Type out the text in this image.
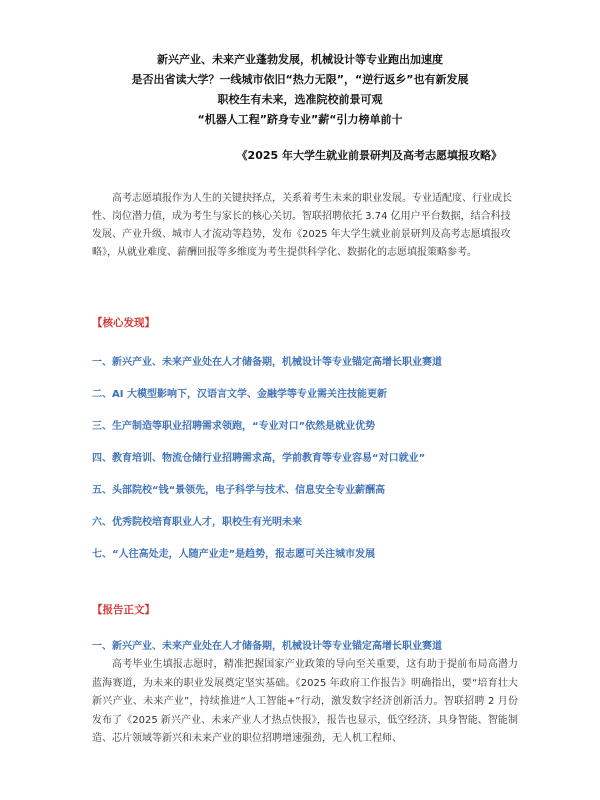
新兴产业、未来产业蓬勃发展，机械设计等专业跑出加速度
是否出省读大学？一线城市依旧“热力无限”，“逆行返乡”也有新发展
职校生有未来，选准院校前景可观
“机器人工程”跻身专业”薪“引力榜单前十
《2025 年大学生就业前景研判及高考志愿填报攻略》

高考志愿填报作为人生的关键抉择点，关系着考生未来的职业发展。专业适配度、行业成长性、岗位潜力值，成为考生与家长的核心关切。智联招聘依托 3.74 亿用户平台数据，结合科技发展、产业升级、城市人才流动等趋势，发布《2025 年大学生就业前景研判及高考志愿填报攻略》，从就业难度、薪酬回报等多维度为考生提供科学化、数据化的志愿填报策略参考。

【核心发现】
一、新兴产业、未来产业处在人才储备期，机械设计等专业锚定高增长职业赛道
二、AI 大模型影响下，汉语言文学、金融学等专业需关注技能更新
三、生产制造等职业招聘需求领跑，“专业对口”依然是就业优势
四、教育培训、物流仓储行业招聘需求高，学前教育等专业容易“对口就业”
五、头部院校“钱“景领先，电子科学与技术、信息安全专业薪酬高
六、优秀院校培育职业人才，职校生有光明未来
七、“人往高处走，人随产业走”是趋势，报志愿可关注城市发展
【报告正文】
一、新兴产业、未来产业处在人才储备期，机械设计等专业锚定高增长职业赛道

高考毕业生填报志愿时，精准把握国家产业政策的导向至关重要，这有助于提前布局高潜力蓝海赛道，为未来的职业发展奠定坚实基础。《2025 年政府工作报告》明确指出，要“培育壮大新兴产业、未来产业”，持续推进“人工智能+”行动，激发数字经济创新活力。智联招聘 2 月份发布了《2025 新兴产业、未来产业人才热点快报》，报告也显示，低空经济、具身智能、智能制造、芯片领域等新兴和未来产业的职位招聘增速强劲，无人机工程师、
